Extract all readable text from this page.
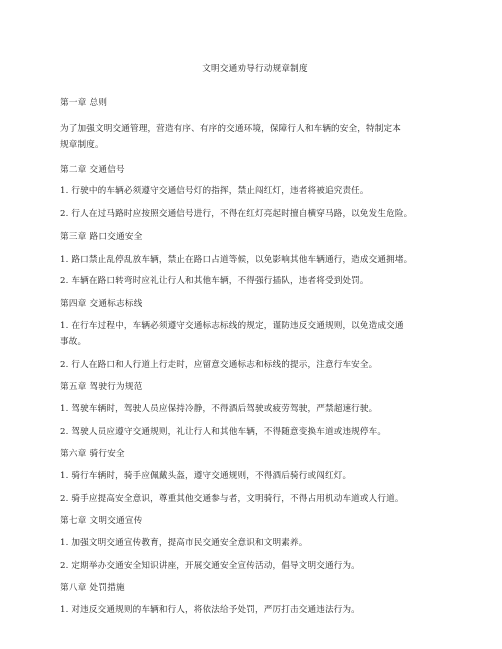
文明交通劝导行动规章制度
第一章 总则
为了加强文明交通管理，营造有序、有序的交通环境，保障行人和车辆的安全，特制定本
规章制度。
第二章 交通信号
1. 行驶中的车辆必须遵守交通信号灯的指挥，禁止闯红灯，违者将被追究责任。
2. 行人在过马路时应按照交通信号进行，不得在红灯亮起时擅自横穿马路，以免发生危险。
第三章 路口交通安全
1. 路口禁止乱停乱放车辆，禁止在路口占道等候，以免影响其他车辆通行，造成交通拥堵。
2. 车辆在路口转弯时应礼让行人和其他车辆，不得强行插队，违者将受到处罚。
第四章 交通标志标线
1. 在行车过程中，车辆必须遵守交通标志标线的规定，谨防违反交通规则，以免造成交通
事故。
2. 行人在路口和人行道上行走时，应留意交通标志和标线的提示，注意行车安全。
第五章 驾驶行为规范
1. 驾驶车辆时，驾驶人员应保持冷静，不得酒后驾驶或疲劳驾驶，严禁超速行驶。
2. 驾驶人员应遵守交通规则，礼让行人和其他车辆，不得随意变换车道或违规停车。
第六章 骑行安全
1. 骑行车辆时，骑手应佩戴头盔，遵守交通规则，不得酒后骑行或闯红灯。
2. 骑手应提高安全意识，尊重其他交通参与者，文明骑行，不得占用机动车道或人行道。
第七章 文明交通宣传
1. 加强文明交通宣传教育，提高市民交通安全意识和文明素养。
2. 定期举办交通安全知识讲座，开展交通安全宣传活动，倡导文明交通行为。
第八章 处罚措施
1. 对违反交通规则的车辆和行人，将依法给予处罚，严厉打击交通违法行为。
